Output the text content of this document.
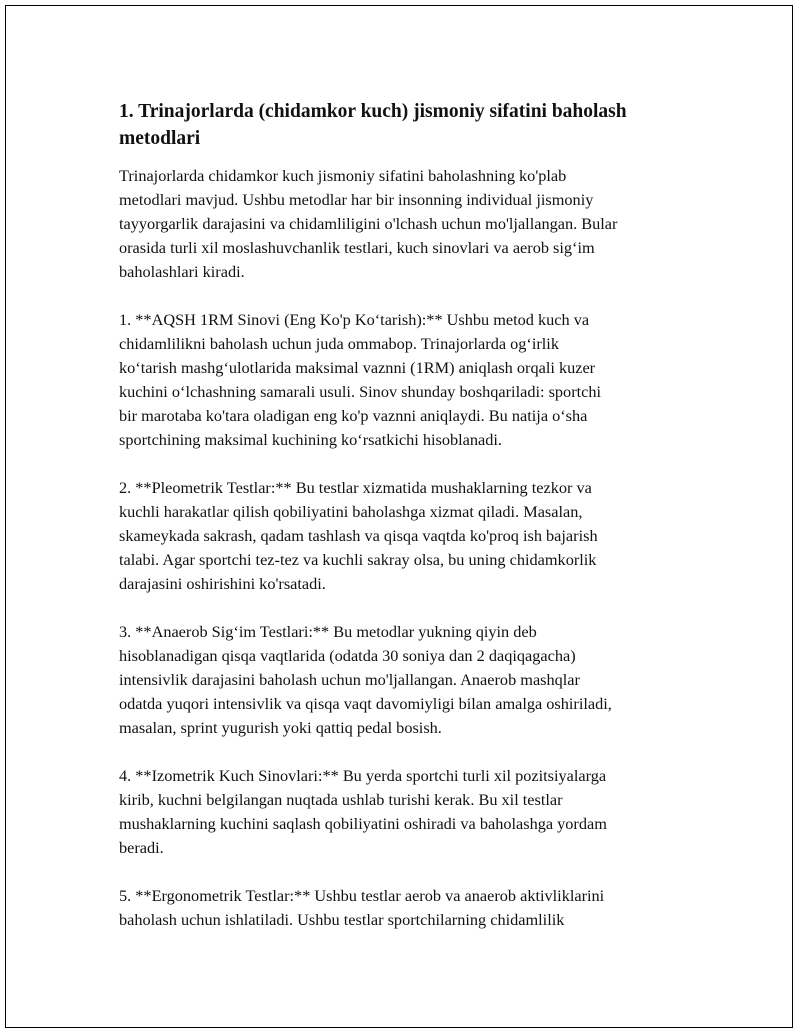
1. Trinajorlarda (chidamkor kuch) jismoniy sifatini baholash metodlari

Trinajorlarda chidamkor kuch jismoniy sifatini baholashning ko'plab
metodlari mavjud. Ushbu metodlar har bir insonning individual jismoniy
tayyorgarlik darajasini va chidamliligini o'lchash uchun mo'ljallangan. Bular
orasida turli xil moslashuvchanlik testlari, kuch sinovlari va aerob sig‘im
baholashlari kiradi.

1. **AQSH 1RM Sinovi (Eng Ko'p Ko‘tarish):** Ushbu metod kuch va
chidamlilikni baholash uchun juda ommabop. Trinajorlarda og‘irlik
ko‘tarish mashg‘ulotlarida maksimal vaznni (1RM) aniqlash orqali kuzer
kuchini o‘lchashning samarali usuli. Sinov shunday boshqariladi: sportchi
bir marotaba ko'tara oladigan eng ko'p vaznni aniqlaydi. Bu natija o‘sha
sportchining maksimal kuchining ko‘rsatkichi hisoblanadi.

2. **Pleometrik Testlar:** Bu testlar xizmatida mushaklarning tezkor va
kuchli harakatlar qilish qobiliyatini baholashga xizmat qiladi. Masalan,
skameykada sakrash, qadam tashlash va qisqa vaqtda ko'proq ish bajarish
talabi. Agar sportchi tez-tez va kuchli sakray olsa, bu uning chidamkorlik
darajasini oshirishini ko'rsatadi.

3. **Anaerob Sig‘im Testlari:** Bu metodlar yukning qiyin deb
hisoblanadigan qisqa vaqtlarida (odatda 30 soniya dan 2 daqiqagacha)
intensivlik darajasini baholash uchun mo'ljallangan. Anaerob mashqlar
odatda yuqori intensivlik va qisqa vaqt davomiyligi bilan amalga oshiriladi,
masalan, sprint yugurish yoki qattiq pedal bosish.

4. **Izometrik Kuch Sinovlari:** Bu yerda sportchi turli xil pozitsiyalarga
kirib, kuchni belgilangan nuqtada ushlab turishi kerak. Bu xil testlar
mushaklarning kuchini saqlash qobiliyatini oshiradi va baholashga yordam
beradi.

5. **Ergonometrik Testlar:** Ushbu testlar aerob va anaerob aktivliklarini
baholash uchun ishlatiladi. Ushbu testlar sportchilarning chidamlilik
